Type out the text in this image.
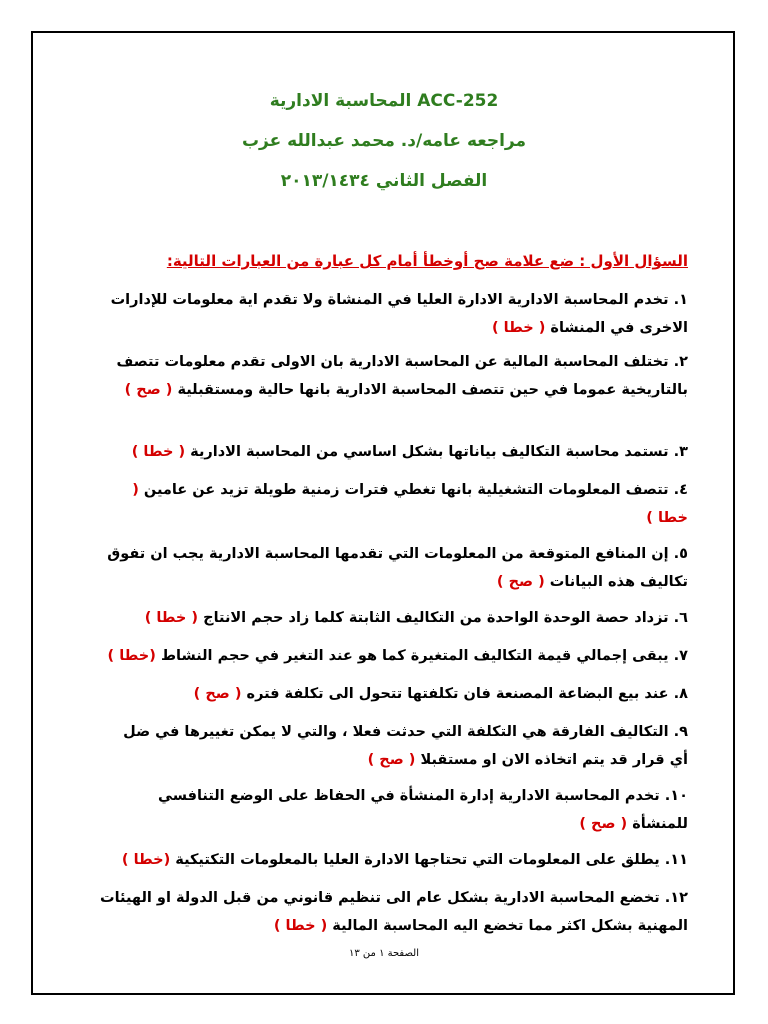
المحاسبة الادارية ACC-252
مراجعه عامه/د. محمد عبدالله عزب
الفصل الثاني ٢٠١٣/١٤٣٤
السؤال الأول : ضع علامة صح أوخطأ أمام كل عبارة من العبارات التالية:
١. تخدم المحاسبة الادارية الادارة العليا في المنشاة ولا تقدم اية معلومات للإدارات الاخرى في المنشاة ( خطا )
٢. تختلف المحاسبة المالية عن المحاسبة الادارية بان الاولى تقدم معلومات تتصف بالتاريخية عموما في حين تتصف المحاسبة الادارية بانها حالية ومستقبلية ( صح )
٣. تستمد محاسبة التكاليف بياناتها بشكل اساسي من المحاسبة الادارية ( خطا )
٤. تتصف المعلومات التشغيلية بانها تغطي فترات زمنية طويلة تزيد عن عامين ( خطا )
٥. إن المنافع المتوقعة من المعلومات التي تقدمها المحاسبة الادارية يجب ان تفوق تكاليف هذه البيانات ( صح )
٦. تزداد حصة الوحدة الواحدة من التكاليف الثابتة كلما زاد حجم الانتاج ( خطا )
٧. يبقى إجمالي قيمة التكاليف المتغيرة كما هو عند التغير في حجم النشاط (خطا )
٨. عند بيع البضاعة المصنعة فان تكلفتها تتحول الى تكلفة فتره ( صح )
٩. التكاليف الفارقة هي التكلفة التي حدثت فعلا ، والتي لا يمكن تغييرها في ضل أي قرار قد يتم اتخاذه الان او مستقبلا ( صح )
١٠. تخدم المحاسبة الادارية إدارة المنشأة في الحفاظ على الوضع التنافسي للمنشأة ( صح )
١١. يطلق على المعلومات التي تحتاجها الادارة العليا بالمعلومات التكتيكية (خطا )
١٢. تخضع المحاسبة الادارية بشكل عام الى تنظيم قانوني من قبل الدولة او الهيئات المهنية بشكل اكثر مما تخضع اليه المحاسبة المالية ( خطا )
الصفحة ١ من ١٣
